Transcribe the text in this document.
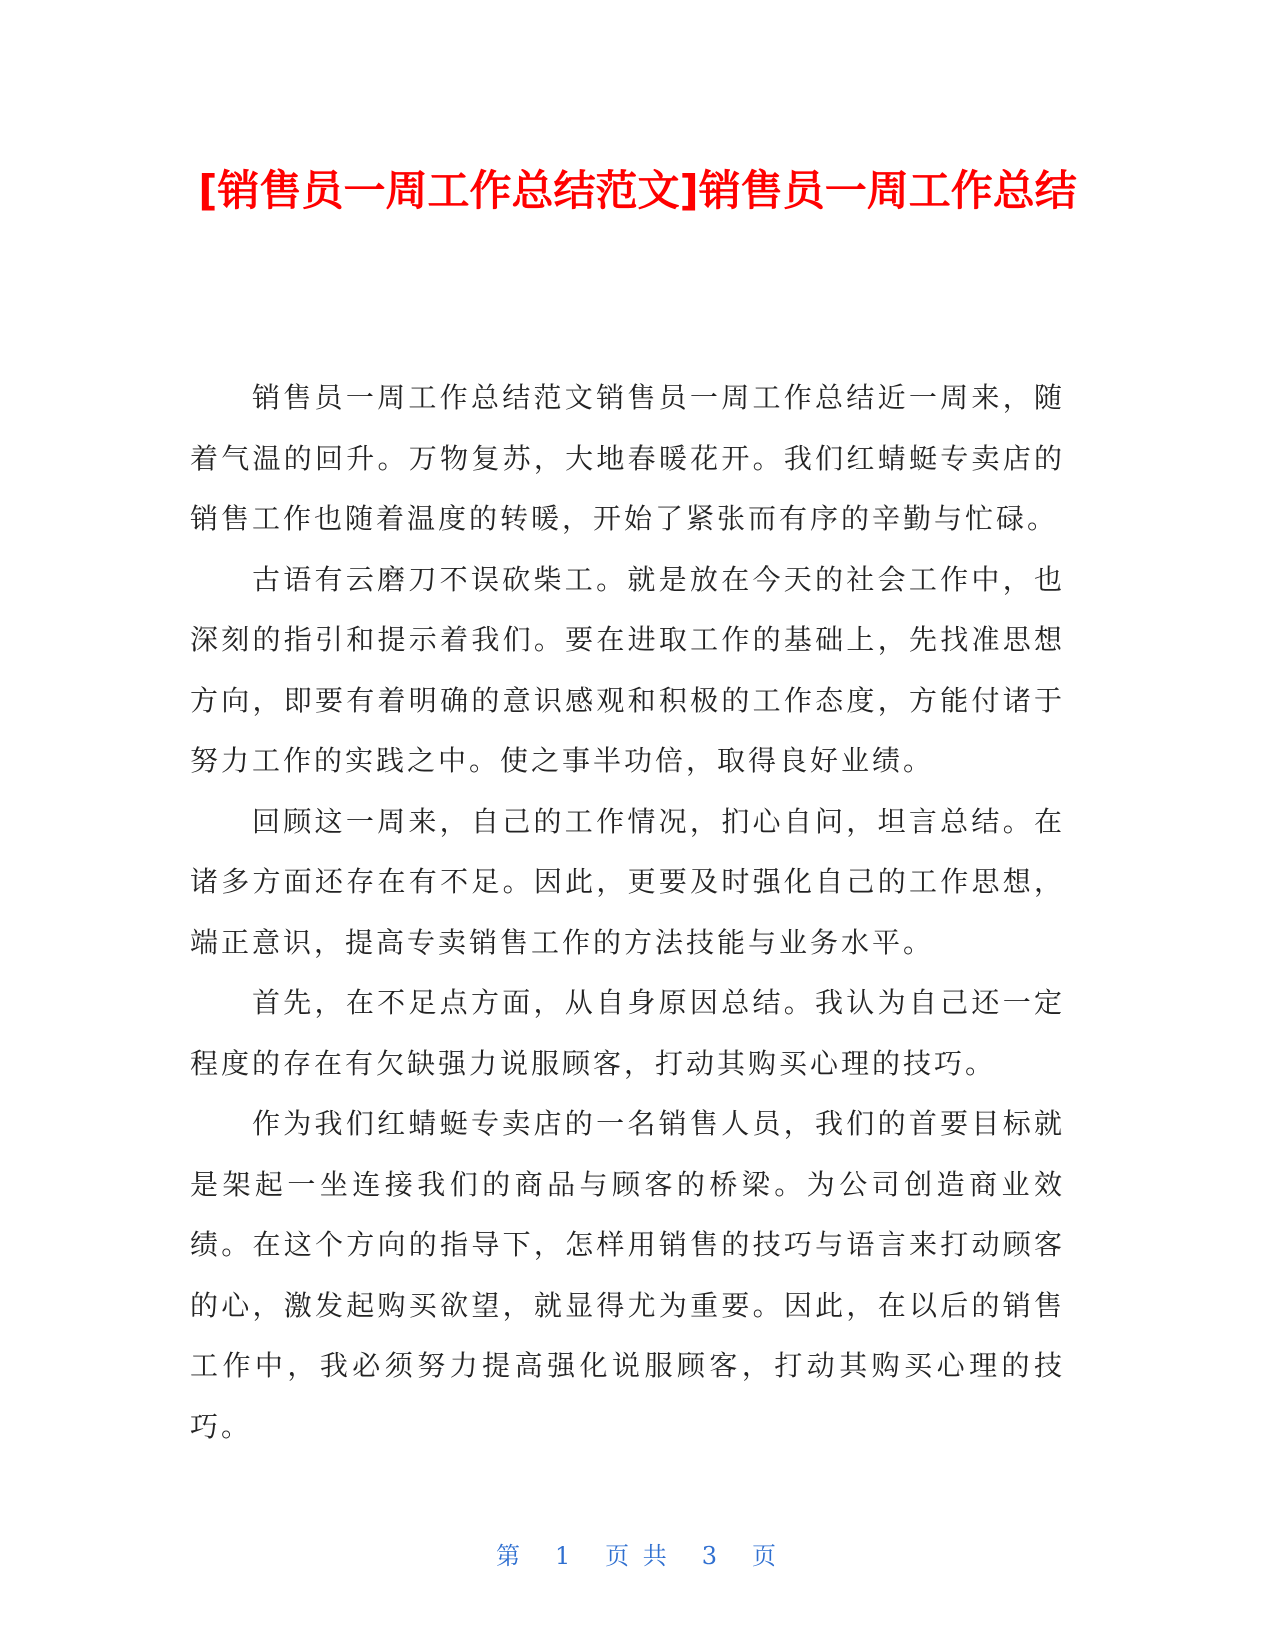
[销售员一周工作总结范文]销售员一周工作总结

销售员一周工作总结范文销售员一周工作总结近一周来，随着气温的回升。万物复苏，大地春暖花开。我们红蜻蜓专卖店的销售工作也随着温度的转暖，开始了紧张而有序的辛勤与忙碌。

古语有云磨刀不误砍柴工。就是放在今天的社会工作中，也深刻的指引和提示着我们。要在进取工作的基础上，先找准思想方向，即要有着明确的意识感观和积极的工作态度，方能付诸于努力工作的实践之中。使之事半功倍，取得良好业绩。

回顾这一周来，自己的工作情况，扪心自问，坦言总结。在诸多方面还存在有不足。因此，更要及时强化自己的工作思想，端正意识，提高专卖销售工作的方法技能与业务水平。

首先，在不足点方面，从自身原因总结。我认为自己还一定程度的存在有欠缺强力说服顾客，打动其购买心理的技巧。

作为我们红蜻蜓专卖店的一名销售人员，我们的首要目标就是架起一坐连接我们的商品与顾客的桥梁。为公司创造商业效绩。在这个方向的指导下，怎样用销售的技巧与语言来打动顾客的心，激发起购买欲望，就显得尤为重要。因此，在以后的销售工作中，我必须努力提高强化说服顾客，打动其购买心理的技巧。

第 1 页 共 3 页
